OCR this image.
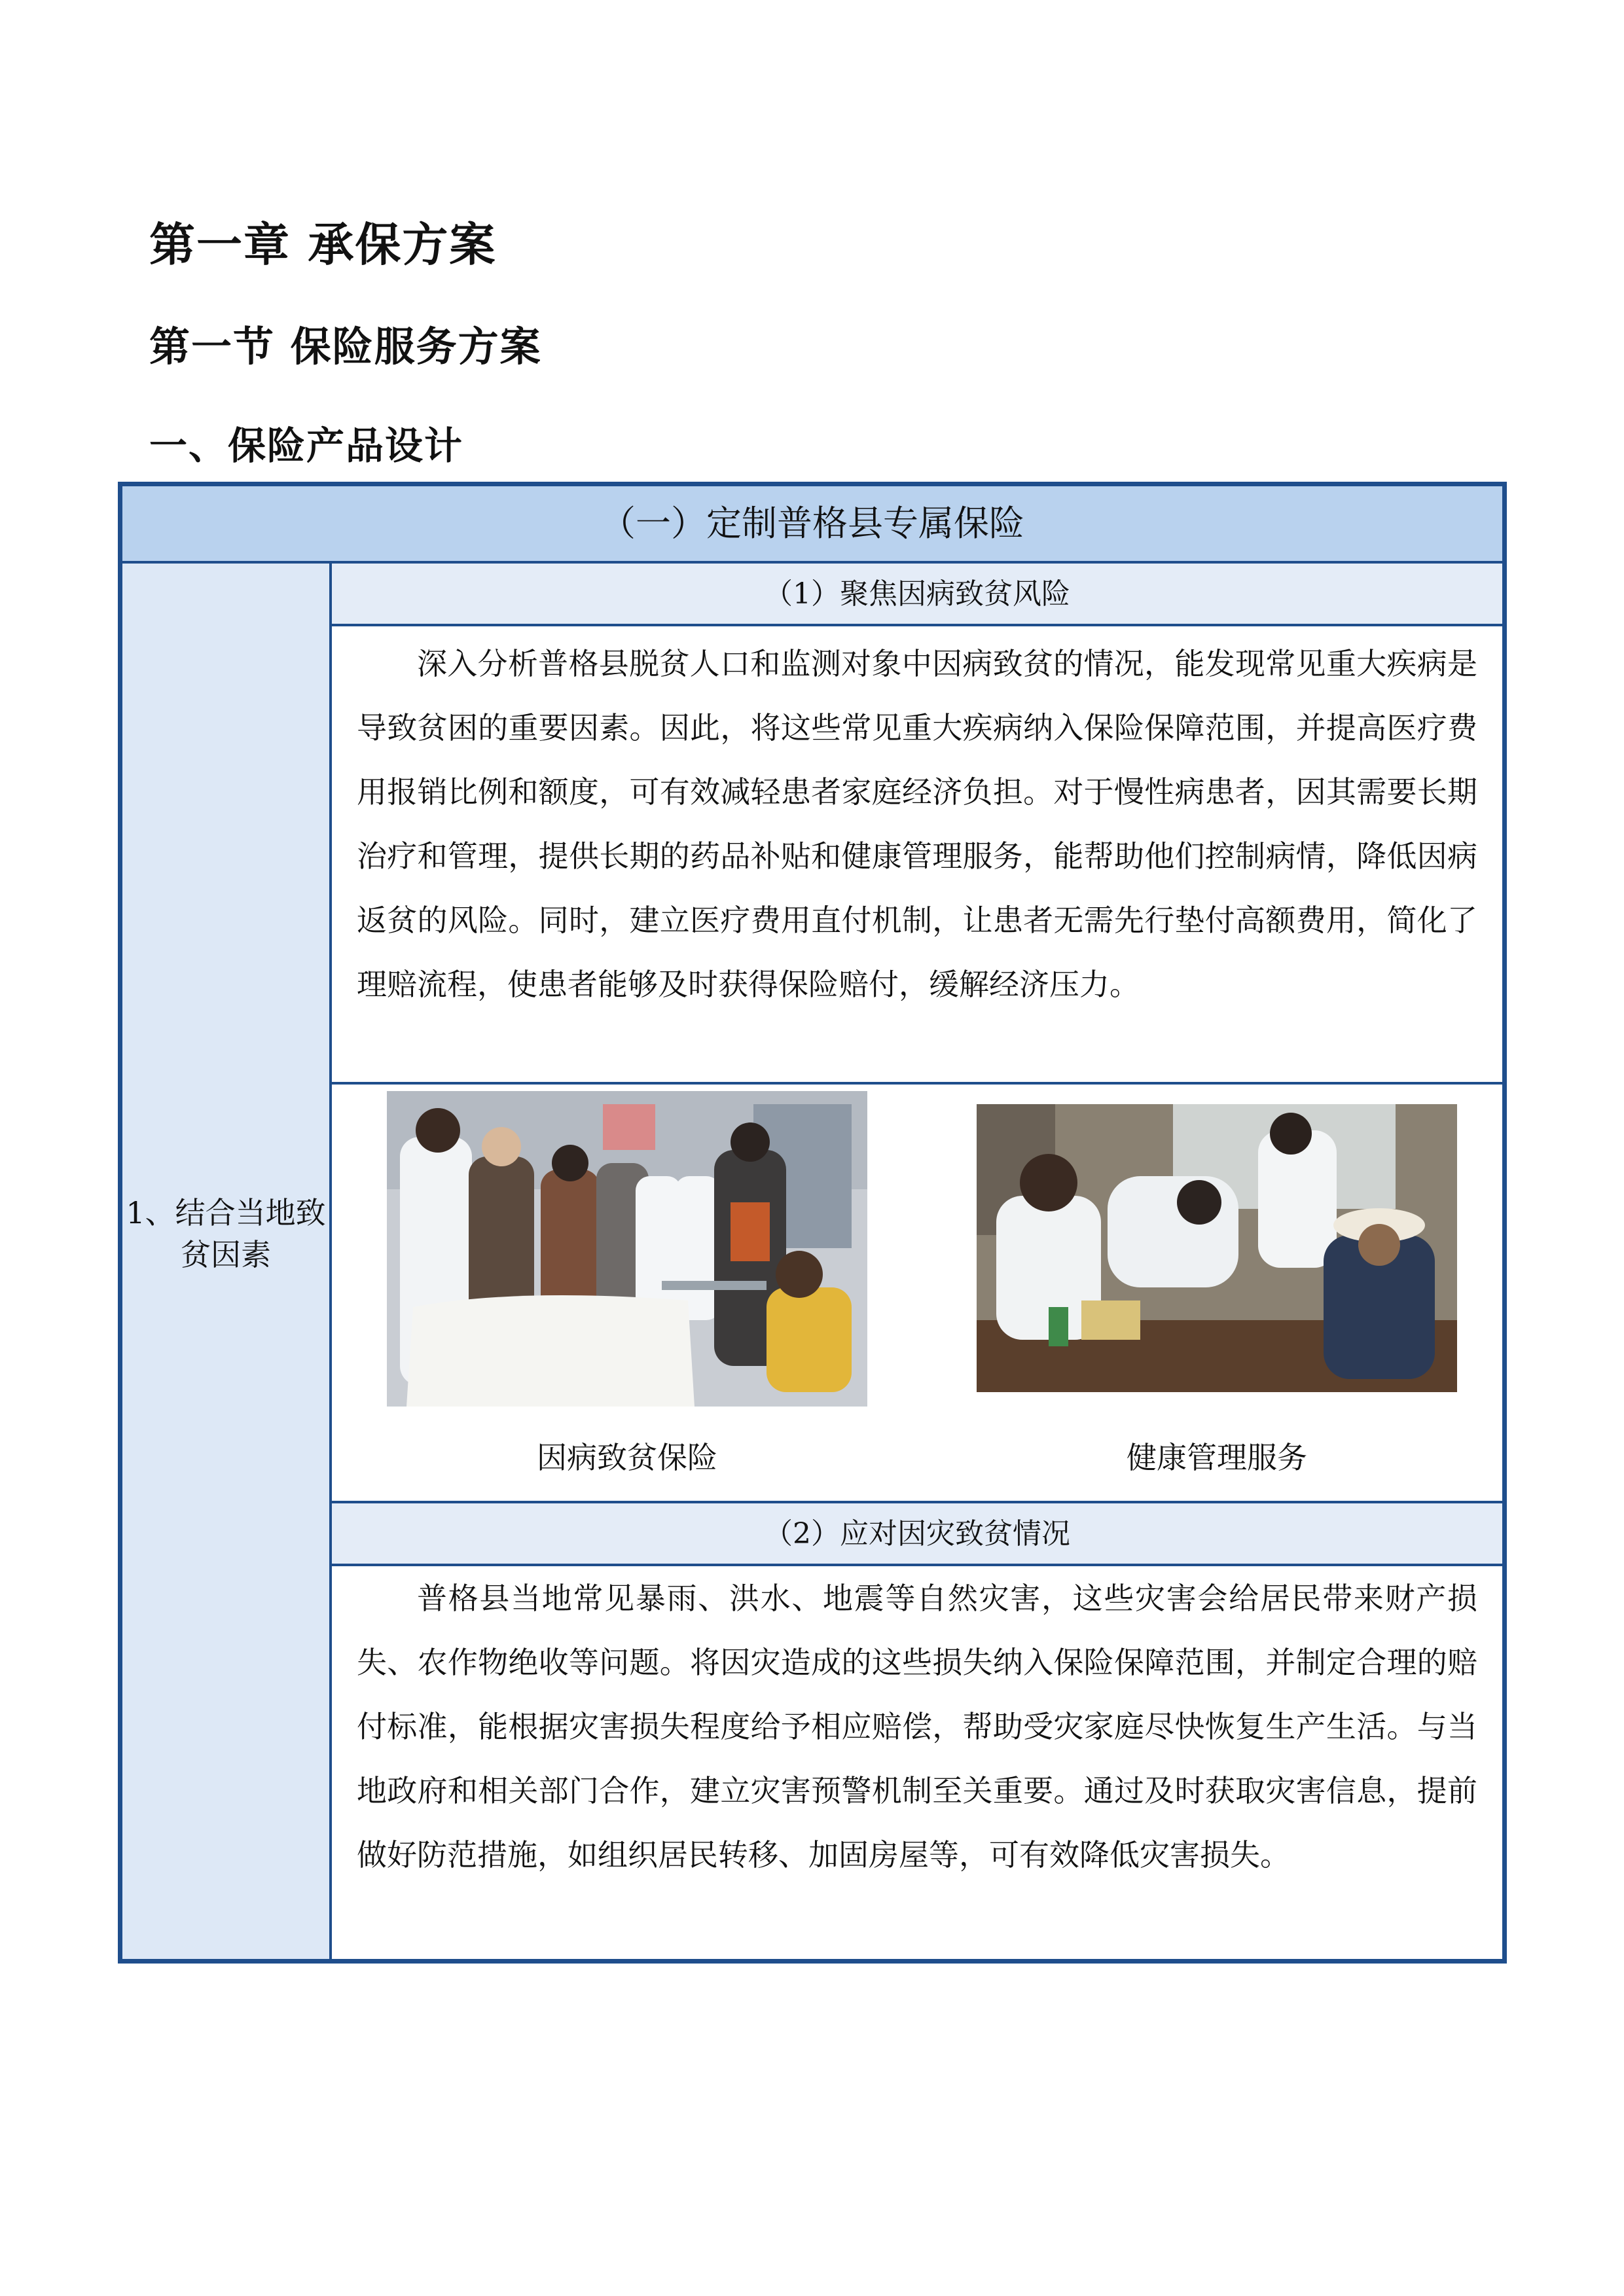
第一章 承保方案
第一节 保险服务方案
一、保险产品设计
（一）定制普格县专属保险
1、结合当地致贫因素
（1）聚焦因病致贫风险
深入分析普格县脱贫人口和监测对象中因病致贫的情况，能发现常见重大疾病是导致贫困的重要因素。因此，将这些常见重大疾病纳入保险保障范围，并提高医疗费用报销比例和额度，可有效减轻患者家庭经济负担。对于慢性病患者，因其需要长期治疗和管理，提供长期的药品补贴和健康管理服务，能帮助他们控制病情，降低因病返贫的风险。同时，建立医疗费用直付机制，让患者无需先行垫付高额费用，简化了理赔流程，使患者能够及时获得保险赔付，缓解经济压力。
因病致贫保险	健康管理服务
（2）应对因灾致贫情况
普格县当地常见暴雨、洪水、地震等自然灾害，这些灾害会给居民带来财产损失、农作物绝收等问题。将因灾造成的这些损失纳入保险保障范围，并制定合理的赔付标准，能根据灾害损失程度给予相应赔偿，帮助受灾家庭尽快恢复生产生活。与当地政府和相关部门合作，建立灾害预警机制至关重要。通过及时获取灾害信息，提前做好防范措施，如组织居民转移、加固房屋等，可有效降低灾害损失。
